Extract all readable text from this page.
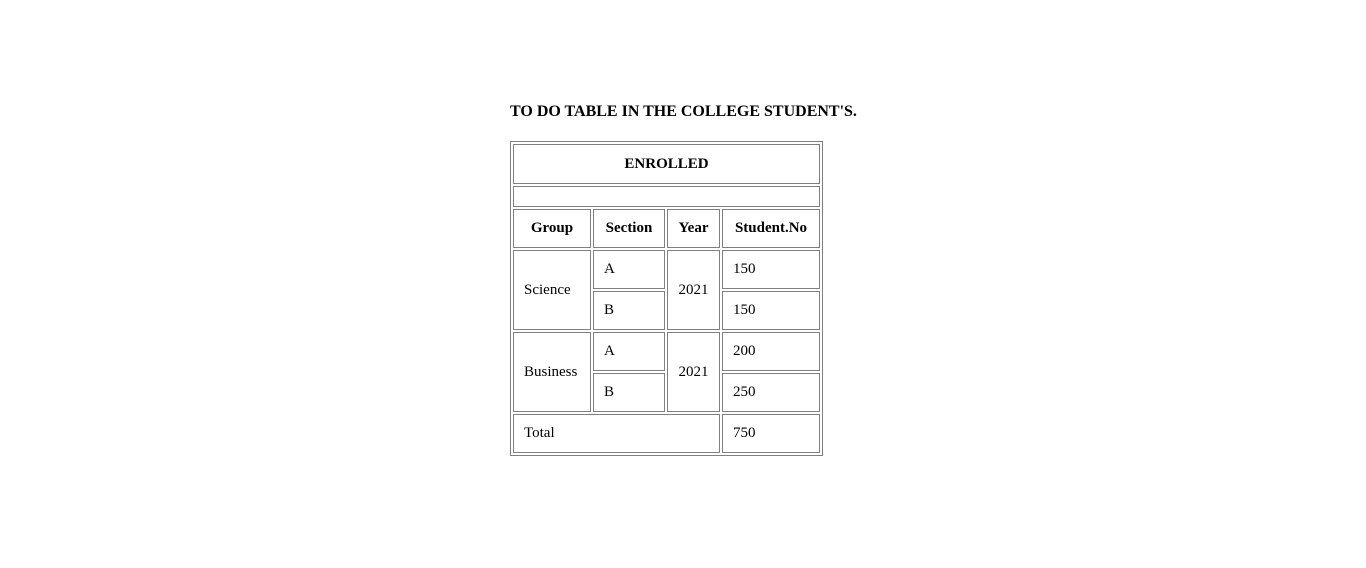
TO DO TABLE IN THE COLLEGE STUDENT'S.
ENROLLED			

Group	Section	Year	Student.No
Science	A	2021	150
	B		150
Business	A	2021	200
	B		250
Total			750
